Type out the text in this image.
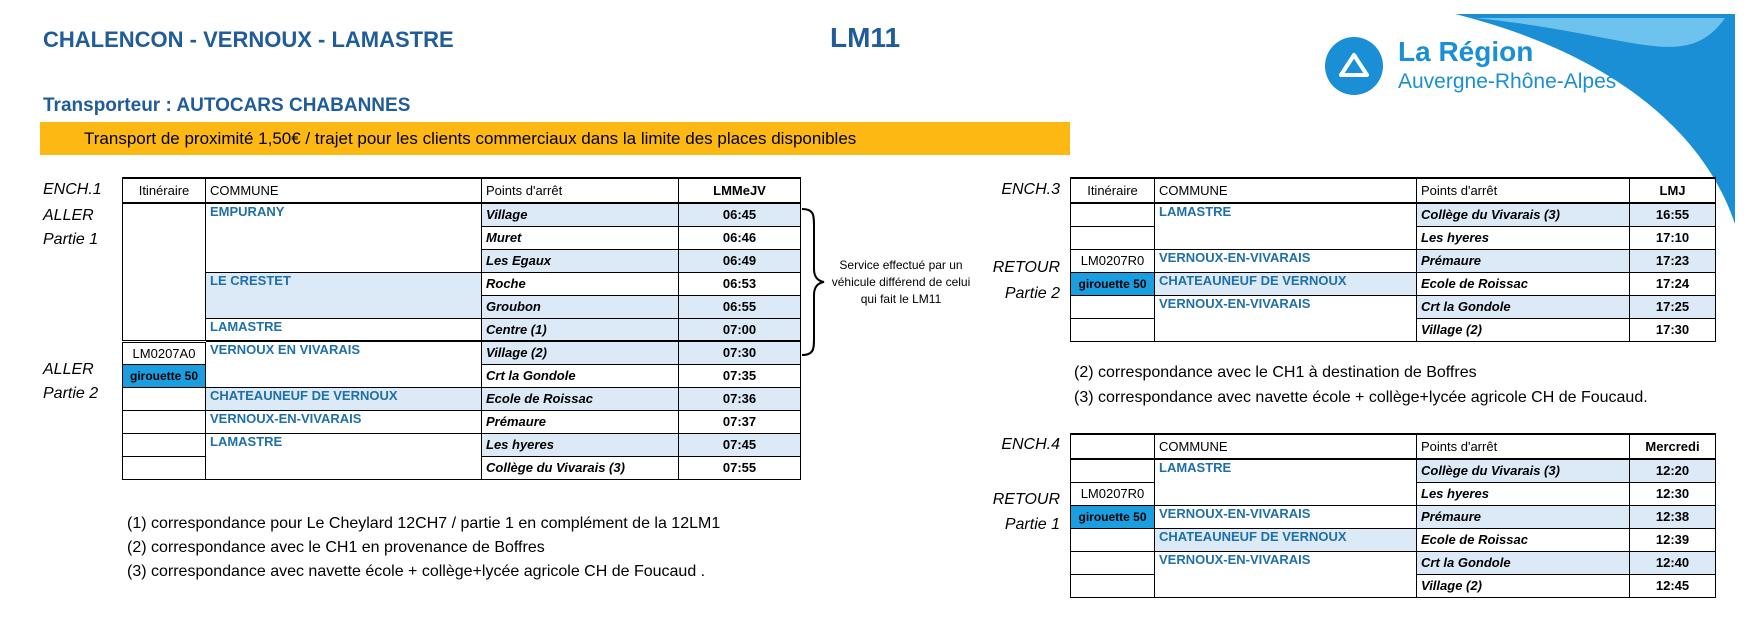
CHALENCON - VERNOUX - LAMASTRE	LM11
Transporteur : AUTOCARS CHABANNES
Transport de proximité 1,50€ / trajet pour les clients commerciaux dans la limite des places disponibles
La Région
Auvergne-Rhône-Alpes
ENCH.1
ALLER
Partie 1
ALLER
Partie 2
Itinéraire	COMMUNE	Points d'arrêt	LMMeJV
	EMPURANY	Village	06:45
		Muret	06:46
		Les Egaux	06:49
	LE CRESTET	Roche	06:53
		Groubon	06:55
	LAMASTRE	Centre (1)	07:00
LM0207A0	VERNOUX EN VIVARAIS	Village (2)	07:30

girouette 50		Crt la Gondole	07:35
	CHATEAUNEUF DE VERNOUX	Ecole de Roissac	07:36
	VERNOUX-EN-VIVARAIS	Prémaure	07:37
	LAMASTRE	Les hyeres	07:45
		Collège du Vivarais (3)	07:55
Service effectué par un véhicule différend de celui qui fait le LM11
(1) correspondance pour Le Cheylard 12CH7 / partie 1 en complément de la 12LM1
(2) correspondance avec le CH1 en provenance de Boffres
(3) correspondance avec navette école + collège+lycée agricole CH de Foucaud .
ENCH.3
RETOUR
Partie 2
Itinéraire	COMMUNE	Points d'arrêt	LMJ
	LAMASTRE	Collège du Vivarais (3)	16:55
		Les hyeres	17:10
LM0207R0	VERNOUX-EN-VIVARAIS	Prémaure	17:23

girouette 50	CHATEAUNEUF DE VERNOUX	Ecole de Roissac	17:24
	VERNOUX-EN-VIVARAIS	Crt la Gondole	17:25
		Village (2)	17:30
(2) correspondance avec le CH1 à destination de Boffres
(3) correspondance avec navette école + collège+lycée agricole CH de Foucaud.
ENCH.4
RETOUR
Partie 1
	COMMUNE	Points d'arrêt	Mercredi
	LAMASTRE	Collège du Vivarais (3)	12:20
LM0207R0		Les hyeres	12:30

girouette 50	VERNOUX-EN-VIVARAIS	Prémaure	12:38
	CHATEAUNEUF DE VERNOUX	Ecole de Roissac	12:39
	VERNOUX-EN-VIVARAIS	Crt la Gondole	12:40
		Village (2)	12:45
